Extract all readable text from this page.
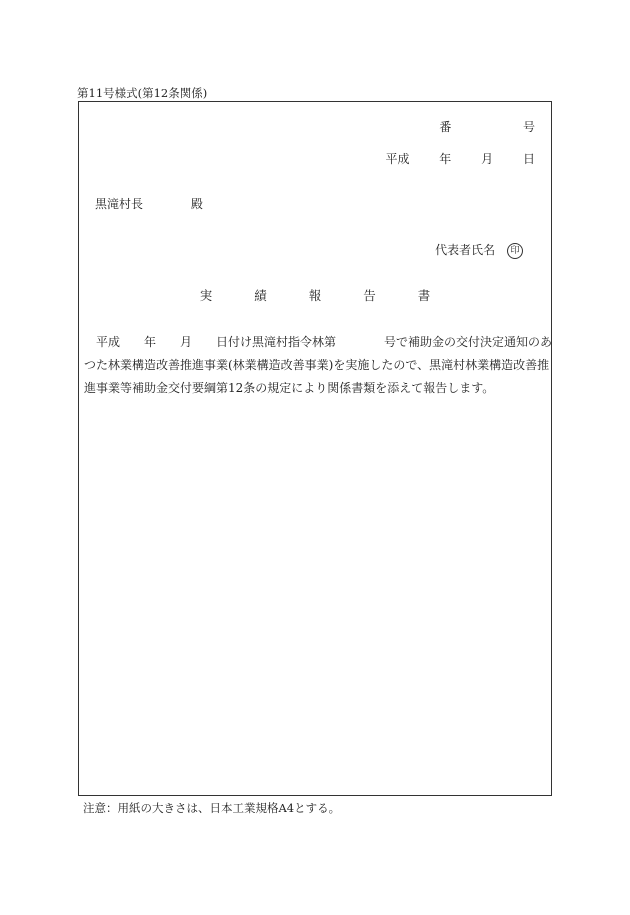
第11号様式(第12条関係)
番	号
平成 年 月 日
黒滝村長	殿
代表者氏名 印
実	績	報	告	書
　平成　　年　　月　　日付け黒滝村指令林第　　　　号で補助金の交付決定通知のあ
つた林業構造改善推進事業(林業構造改善事業)を実施したので、黒滝村林業構造改善推
進事業等補助金交付要綱第12条の規定により関係書類を添えて報告します。
注意：用紙の大きさは、日本工業規格A4とする。
